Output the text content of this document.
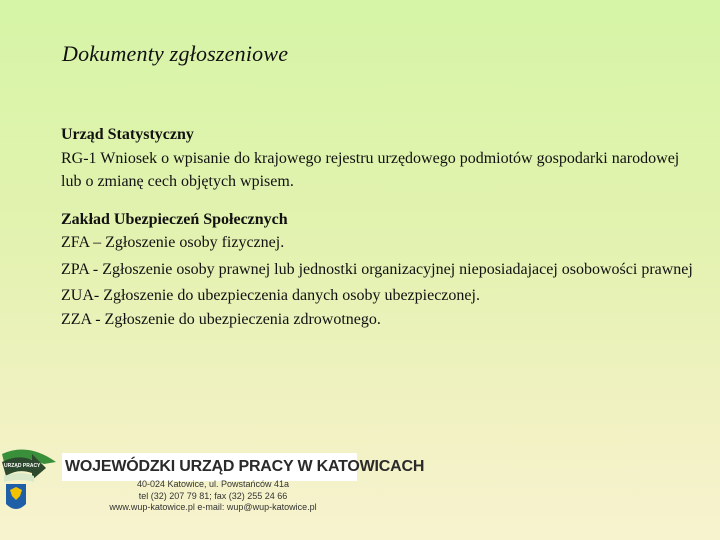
Dokumenty zgłoszeniowe
Urząd Statystyczny
RG-1 Wniosek o wpisanie do krajowego rejestru urzędowego podmiotów gospodarki narodowej lub o zmianę cech objętych wpisem.
Zakład Ubezpieczeń Społecznych
ZFA – Zgłoszenie osoby fizycznej.
ZPA - Zgłoszenie osoby prawnej lub jednostki organizacyjnej nieposiadajacej osobowości prawnej
ZUA- Zgłoszenie do ubezpieczenia danych osoby ubezpieczonej.
ZZA - Zgłoszenie do ubezpieczenia zdrowotnego.
URZĄD PRACY WOJEWÓDZKI URZĄD PRACY W KATOWICACH
40-024 Katowice, ul. Powstańców 41a
tel (32) 207 79 81; fax (32) 255 24 66
www.wup-katowice.pl e-mail: wup@wup-katowice.pl
